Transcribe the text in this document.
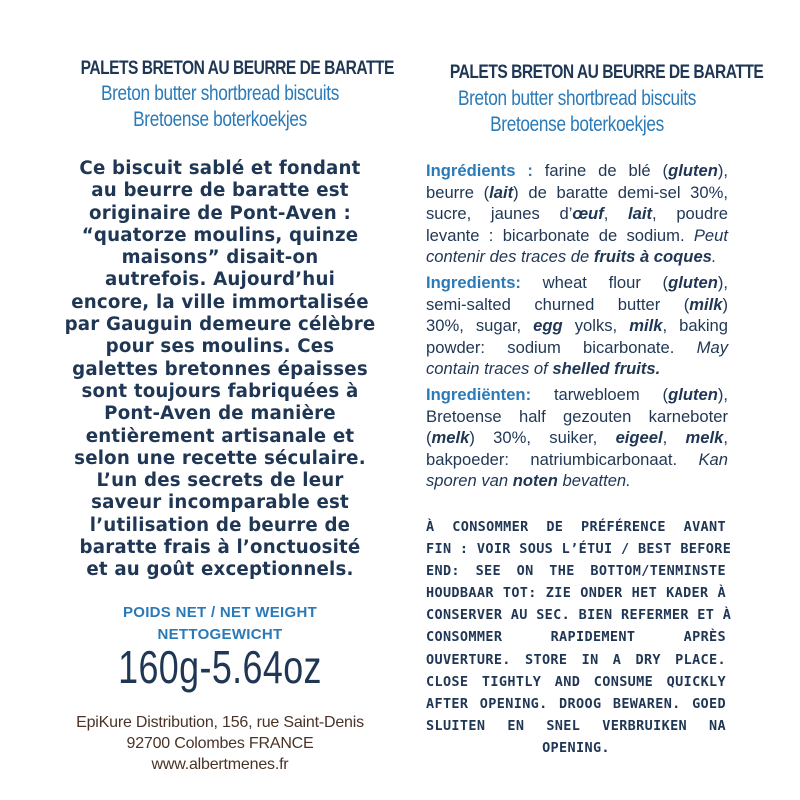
PALETS BRETON AU BEURRE DE BARATTE
Breton butter shortbread biscuits
Bretoense boterkoekjes
Ce biscuit sablé et fondant
au beurre de baratte est
originaire de Pont-Aven :
“quatorze moulins, quinze
maisons” disait-on
autrefois. Aujourd’hui
encore, la ville immortalisée
par Gauguin demeure célèbre
pour ses moulins. Ces
galettes bretonnes épaisses
sont toujours fabriquées à
Pont-Aven de manière
entièrement artisanale et
selon une recette séculaire.
L’un des secrets de leur
saveur incomparable est
l’utilisation de beurre de
baratte frais à l’onctuosité
et au goût exceptionnels.
POIDS NET / NET WEIGHT
NETTOGEWICHT
160g-5.64oz
EpiKure Distribution, 156, rue Saint-Denis
92700 Colombes FRANCE
www.albertmenes.fr
PALETS BRETON AU BEURRE DE BARATTE
Breton butter shortbread biscuits
Bretoense boterkoekjes
Ingrédients : farine de blé (gluten),
beurre (lait) de baratte demi-sel 30%,
sucre, jaunes d’œuf, lait, poudre
levante : bicarbonate de sodium. Peut
contenir des traces de fruits à coques.
Ingredients: wheat flour (gluten),
semi-salted churned butter (milk)
30%, sugar, egg yolks, milk, baking
powder: sodium bicarbonate. May
contain traces of shelled fruits.
Ingrediënten: tarwebloem (gluten),
Bretoense half gezouten karneboter
(melk) 30%, suiker, eigeel, melk,
bakpoeder: natriumbicarbonaat. Kan
sporen van noten bevatten.
À CONSOMMER DE PRÉFÉRENCE AVANT
FIN : VOIR SOUS L’ÉTUI / BEST BEFORE
END: SEE ON THE BOTTOM/TENMINSTE
HOUDBAAR TOT: ZIE ONDER HET KADER À
CONSERVER AU SEC. BIEN REFERMER ET À
CONSOMMER RAPIDEMENT APRÈS
OUVERTURE. STORE IN A DRY PLACE.
CLOSE TIGHTLY AND CONSUME QUICKLY
AFTER OPENING. DROOG BEWAREN. GOED
SLUITEN EN SNEL VERBRUIKEN NA
OPENING.
